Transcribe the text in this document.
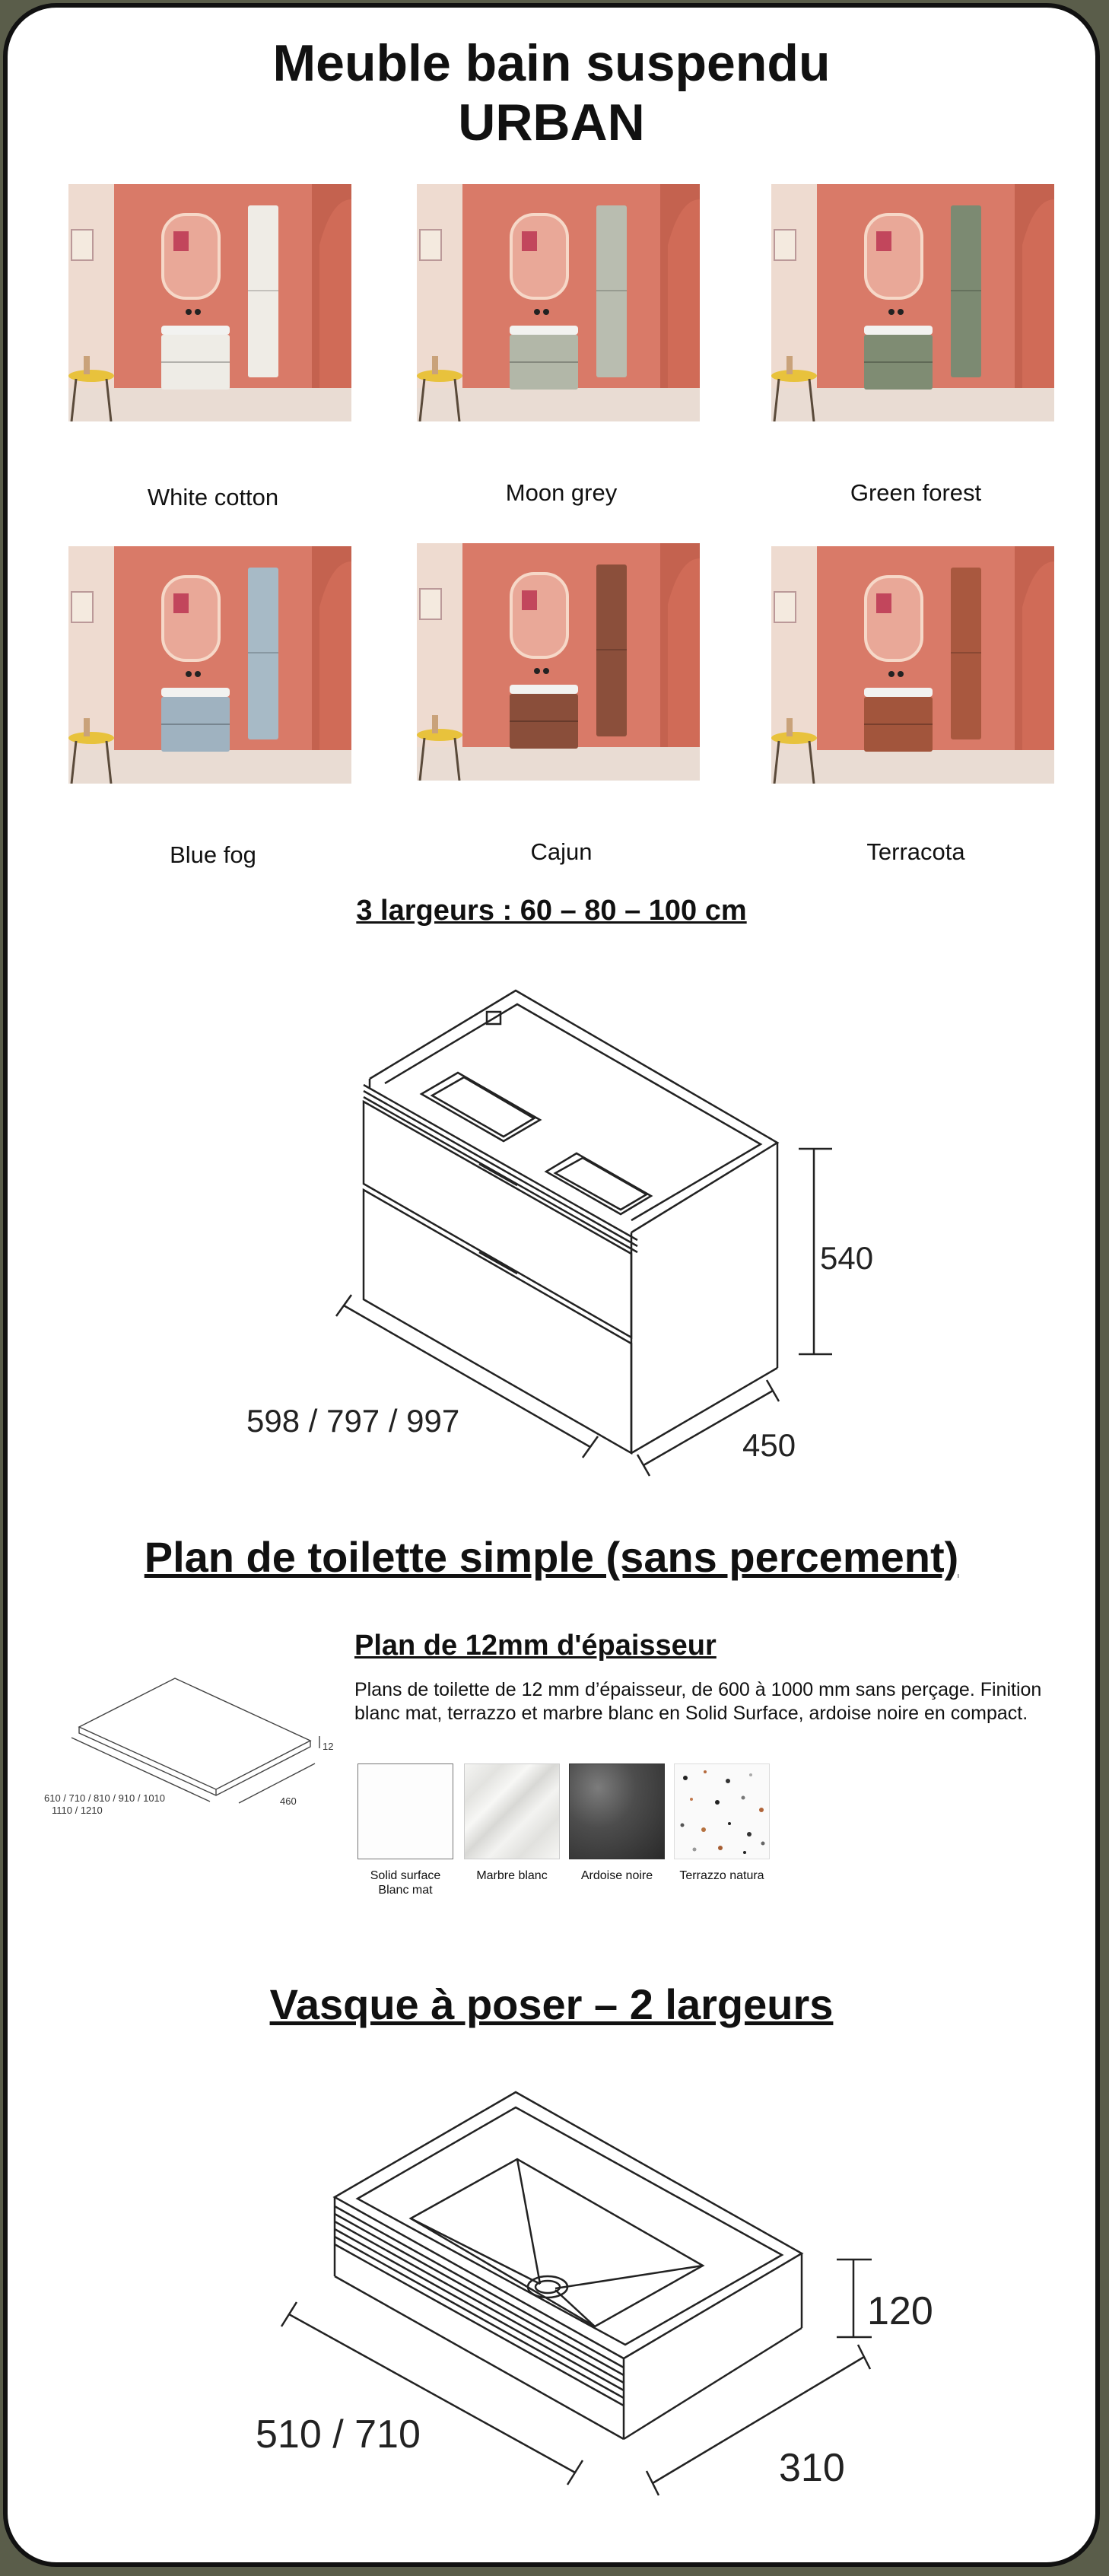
Meuble bain suspendu
URBAN
White cotton	Moon grey	Green forest
Blue fog	Cajun	Terracota
3 largeurs : 60 – 80 – 100 cm
540
598 / 797 / 997
450
Plan de toilette simple (sans percement)
12
460
610 / 710 / 810 / 910 / 1010
1110 / 1210
Plan de 12mm d'épaisseur
Plans de toilette de 12 mm d’épaisseur, de 600 à 1000 mm sans perçage. Finition blanc mat, terrazzo et marbre blanc en Solid Surface, ardoise noire en compact.
Solid surface
Blanc mat
Marbre blanc	Ardoise noire	Terrazzo natura
Vasque à poser – 2 largeurs
120
510 / 710
310
